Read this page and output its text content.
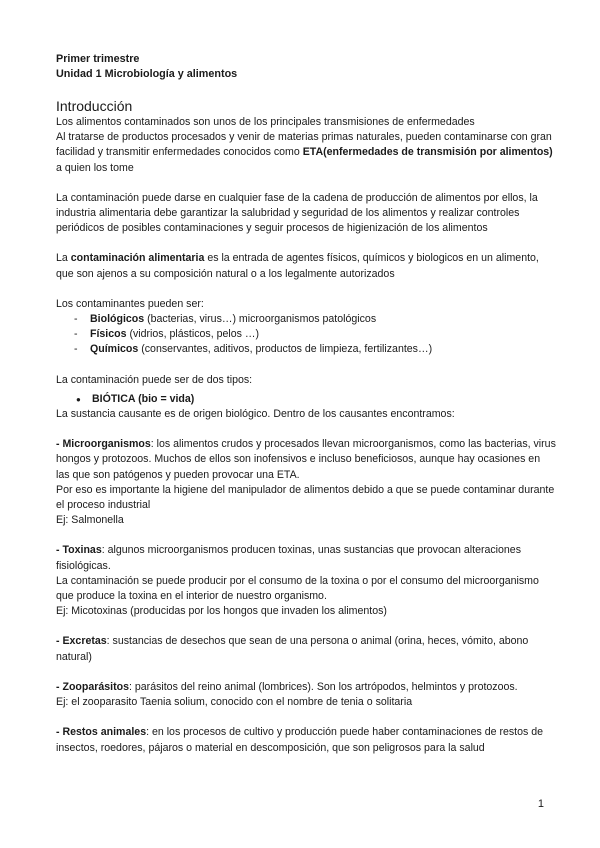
Primer trimestre
Unidad 1 Microbiología y alimentos
Introducción

Los alimentos contaminados son unos de los principales transmisiones de enfermedades
Al tratarse de productos procesados y venir de materias primas naturales, pueden contaminarse con gran facilidad y transmitir enfermedades conocidos como ETA(enfermedades de transmisión por alimentos) a quien los tome

La contaminación puede darse en cualquier fase de la cadena de producción de alimentos por ellos, la industria alimentaria debe garantizar la salubridad y seguridad de los alimentos y realizar controles periódicos de posibles contaminaciones y seguir procesos de higienización de los alimentos

La contaminación alimentaria es la entrada de agentes físicos, químicos y biologicos en un alimento, que son ajenos a su composición natural o a los legalmente autorizados

Los contaminantes pueden ser:

- Biológicos (bacterias, virus…) microorganismos patológicos
- Físicos (vidrios, plásticos, pelos …)
- Químicos (conservantes, aditivos, productos de limpieza, fertilizantes…)

La contaminación puede ser de dos tipos:

● BIÓTICA (bio = vida)

La sustancia causante es de origen biológico. Dentro de los causantes encontramos:

- Microorganismos: los alimentos crudos y procesados llevan microorganismos, como las bacterias, virus hongos y protozoos. Muchos de ellos son inofensivos e incluso beneficiosos, aunque hay ocasiones en las que son patógenos y pueden provocar una ETA.
Por eso es importante la higiene del manipulador de alimentos debido a que se puede contaminar durante el proceso industrial
Ej: Salmonella

- Toxinas: algunos microorganismos producen toxinas, unas sustancias que provocan alteraciones fisiológicas.
La contaminación se puede producir por el consumo de la toxina o por el consumo del microorganismo que produce la toxina en el interior de nuestro organismo.
Ej: Micotoxinas (producidas por los hongos que invaden los alimentos)

- Excretas: sustancias de desechos que sean de una persona o animal (orina, heces, vómito, abono natural)

- Zooparásitos: parásitos del reino animal (lombrices). Son los artrópodos, helmintos y protozoos.
Ej: el zooparasito Taenia solium, conocido con el nombre de tenia o solitaria

- Restos animales: en los procesos de cultivo y producción puede haber contaminaciones de restos de insectos, roedores, pájaros o material en descomposición, que son peligrosos para la salud

1
